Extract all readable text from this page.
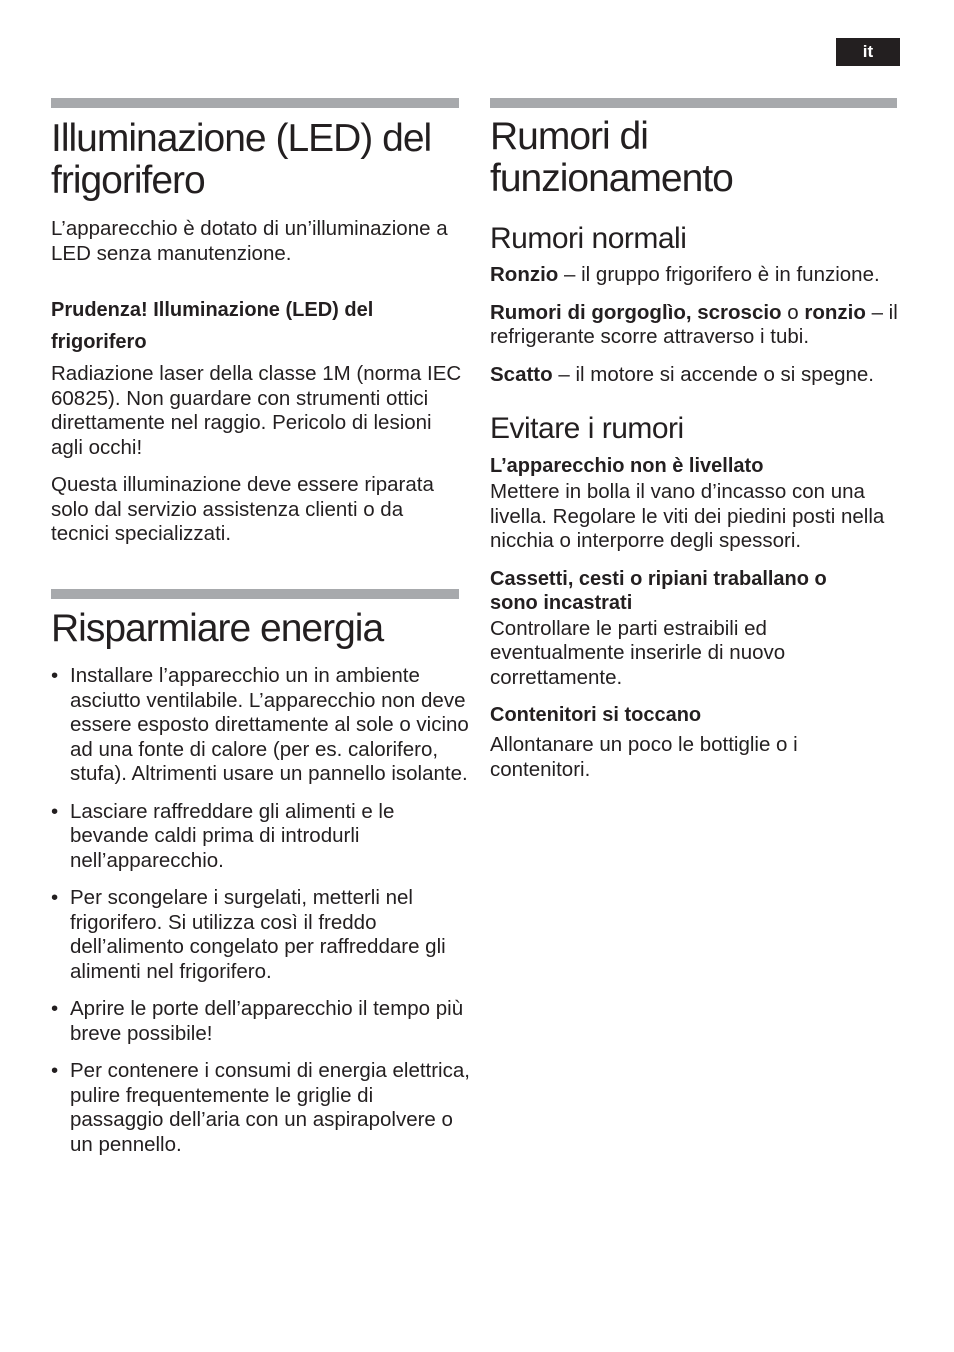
it
Illuminazione (LED) del frigorifero

L’apparecchio è dotato di un’illuminazione a LED senza manutenzione.

Prudenza! Illuminazione (LED) del frigorifero

Radiazione laser della classe 1M (norma IEC 60825). Non guardare con strumenti ottici direttamente nel raggio. Pericolo di lesioni agli occhi!

Questa illuminazione deve essere riparata solo dal servizio assistenza clienti o da tecnici specializzati.

Risparmiare energia
• Installare l’apparecchio un in ambiente asciutto ventilabile. L’apparecchio non deve essere esposto direttamente al sole o vicino ad una fonte di calore (per es. calorifero, stufa). Altrimenti usare un pannello isolante.
• Lasciare raffreddare gli alimenti e le bevande caldi prima di introdurli nell’apparecchio.
• Per scongelare i surgelati, metterli nel frigorifero. Si utilizza così il freddo dell’alimento congelato per raffreddare gli alimenti nel frigorifero.
• Aprire le porte dell’apparecchio il tempo più breve possibile!
• Per contenere i consumi di energia elettrica, pulire frequentemente le griglie di passaggio dell’aria con un aspirapolvere o un pennello.
Rumori di funzionamento
Rumori normali

Ronzio – il gruppo frigorifero è in funzione.

Rumori di gorgoglìo, scroscio o ronzio – il refrigerante scorre attraverso i tubi.

Scatto – il motore si accende o si spegne.

Evitare i rumori
L’apparecchio non è livellato

Mettere in bolla il vano d’incasso con una livella. Regolare le viti dei piedini posti nella nicchia o interporre degli spessori.

Cassetti, cesti o ripiani traballano o sono incastrati

Controllare le parti estraibili ed eventualmente inserirle di nuovo correttamente.

Contenitori si toccano

Allontanare un poco le bottiglie o i contenitori.
